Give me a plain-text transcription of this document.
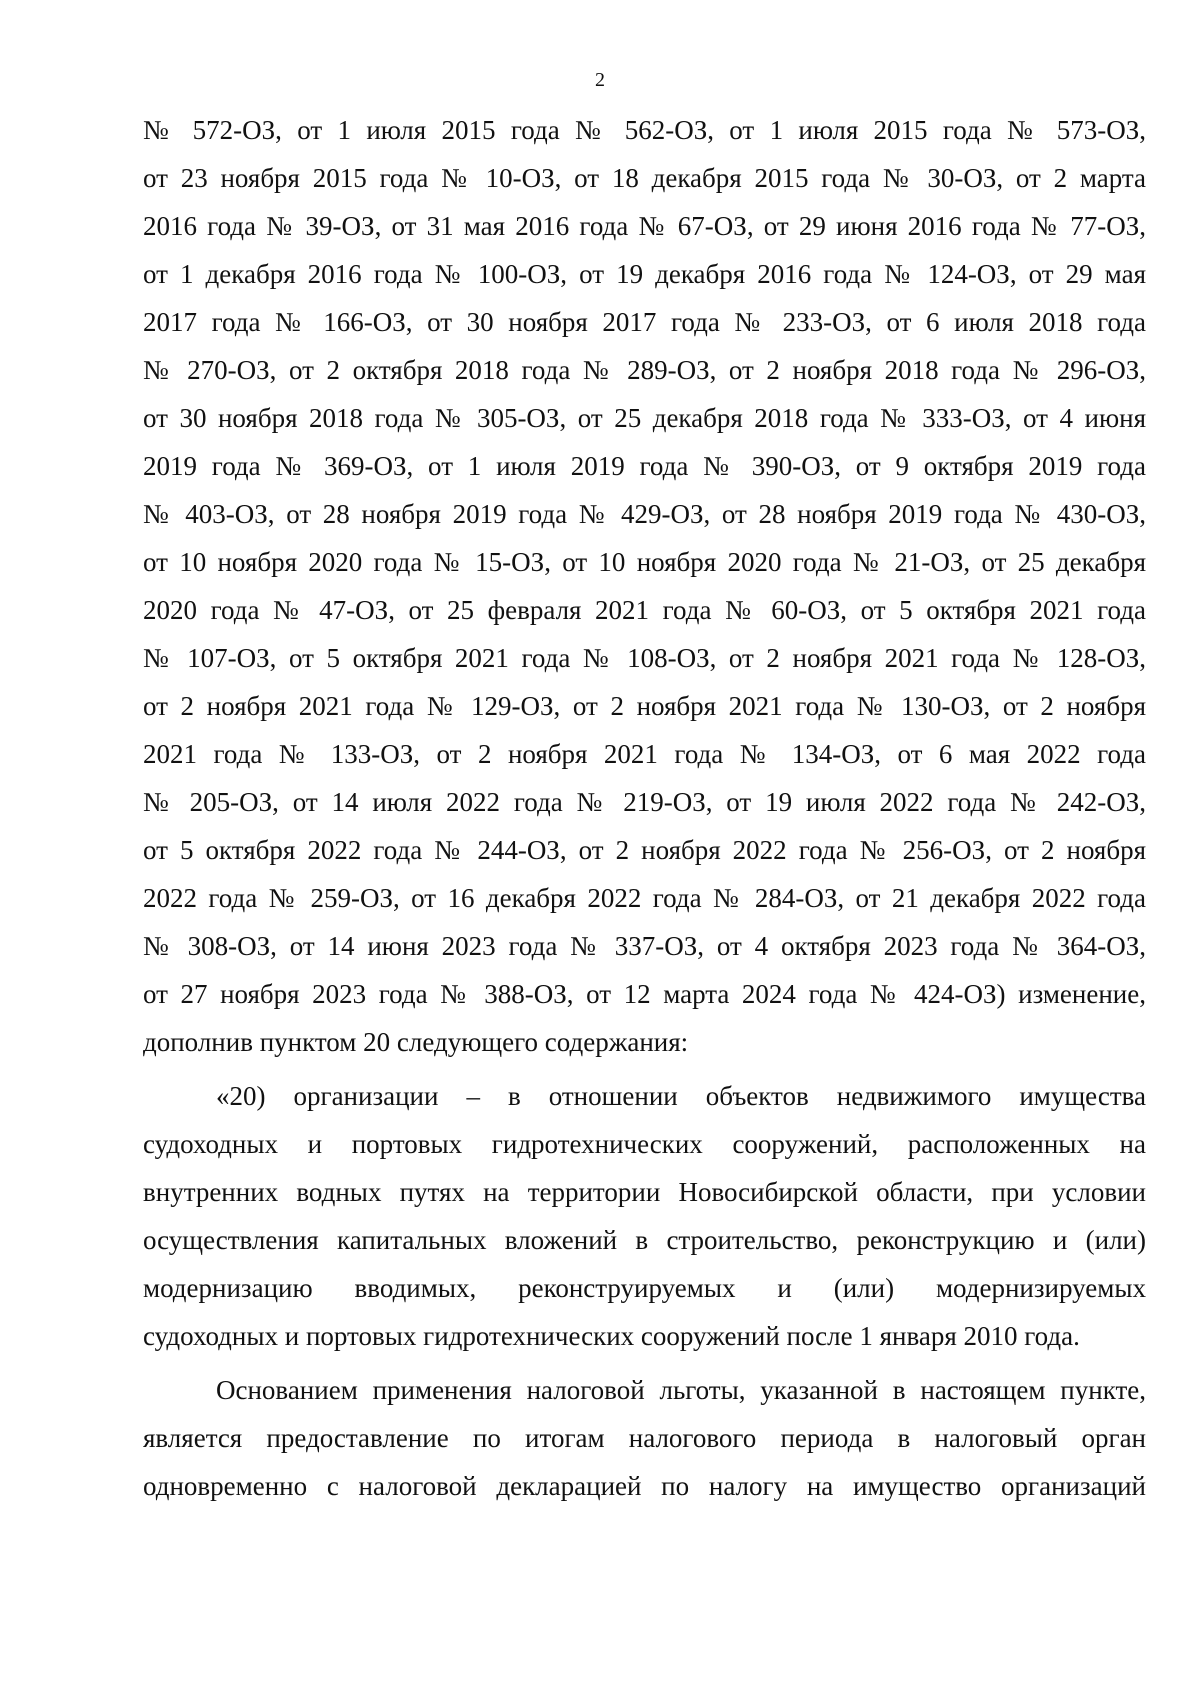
2
№ 572-ОЗ, от 1 июля 2015 года № 562-ОЗ, от 1 июля 2015 года № 573-ОЗ,
от 23 ноября 2015 года № 10-ОЗ, от 18 декабря 2015 года № 30-ОЗ, от 2 марта
2016 года № 39-ОЗ, от 31 мая 2016 года № 67-ОЗ, от 29 июня 2016 года № 77-ОЗ,
от 1 декабря 2016 года № 100-ОЗ, от 19 декабря 2016 года № 124-ОЗ, от 29 мая
2017 года № 166-ОЗ, от 30 ноября 2017 года № 233-ОЗ, от 6 июля 2018 года
№ 270-ОЗ, от 2 октября 2018 года № 289-ОЗ, от 2 ноября 2018 года № 296-ОЗ,
от 30 ноября 2018 года № 305-ОЗ, от 25 декабря 2018 года № 333-ОЗ, от 4 июня
2019 года № 369-ОЗ, от 1 июля 2019 года № 390-ОЗ, от 9 октября 2019 года
№ 403-ОЗ, от 28 ноября 2019 года № 429-ОЗ, от 28 ноября 2019 года № 430-ОЗ,
от 10 ноября 2020 года № 15-ОЗ, от 10 ноября 2020 года № 21-ОЗ, от 25 декабря
2020 года № 47-ОЗ, от 25 февраля 2021 года № 60-ОЗ, от 5 октября 2021 года
№ 107-ОЗ, от 5 октября 2021 года № 108-ОЗ, от 2 ноября 2021 года № 128-ОЗ,
от 2 ноября 2021 года № 129-ОЗ, от 2 ноября 2021 года № 130-ОЗ, от 2 ноября
2021 года № 133-ОЗ, от 2 ноября 2021 года № 134-ОЗ, от 6 мая 2022 года
№ 205-ОЗ, от 14 июля 2022 года № 219-ОЗ, от 19 июля 2022 года № 242-ОЗ,
от 5 октября 2022 года № 244-ОЗ, от 2 ноября 2022 года № 256-ОЗ, от 2 ноября
2022 года № 259-ОЗ, от 16 декабря 2022 года № 284-ОЗ, от 21 декабря 2022 года
№ 308-ОЗ, от 14 июня 2023 года № 337-ОЗ, от 4 октября 2023 года № 364-ОЗ,
от 27 ноября 2023 года № 388-ОЗ, от 12 марта 2024 года № 424-ОЗ) изменение,
дополнив пунктом 20 следующего содержания:
«20) организации – в отношении объектов недвижимого имущества
судоходных и портовых гидротехнических сооружений, расположенных на
внутренних водных путях на территории Новосибирской области, при условии
осуществления капитальных вложений в строительство, реконструкцию и (или)
модернизацию вводимых, реконструируемых и (или) модернизируемых
судоходных и портовых гидротехнических сооружений после 1 января 2010 года.
Основанием применения налоговой льготы, указанной в настоящем пункте,
является предоставление по итогам налогового периода в налоговый орган
одновременно с налоговой декларацией по налогу на имущество организаций
